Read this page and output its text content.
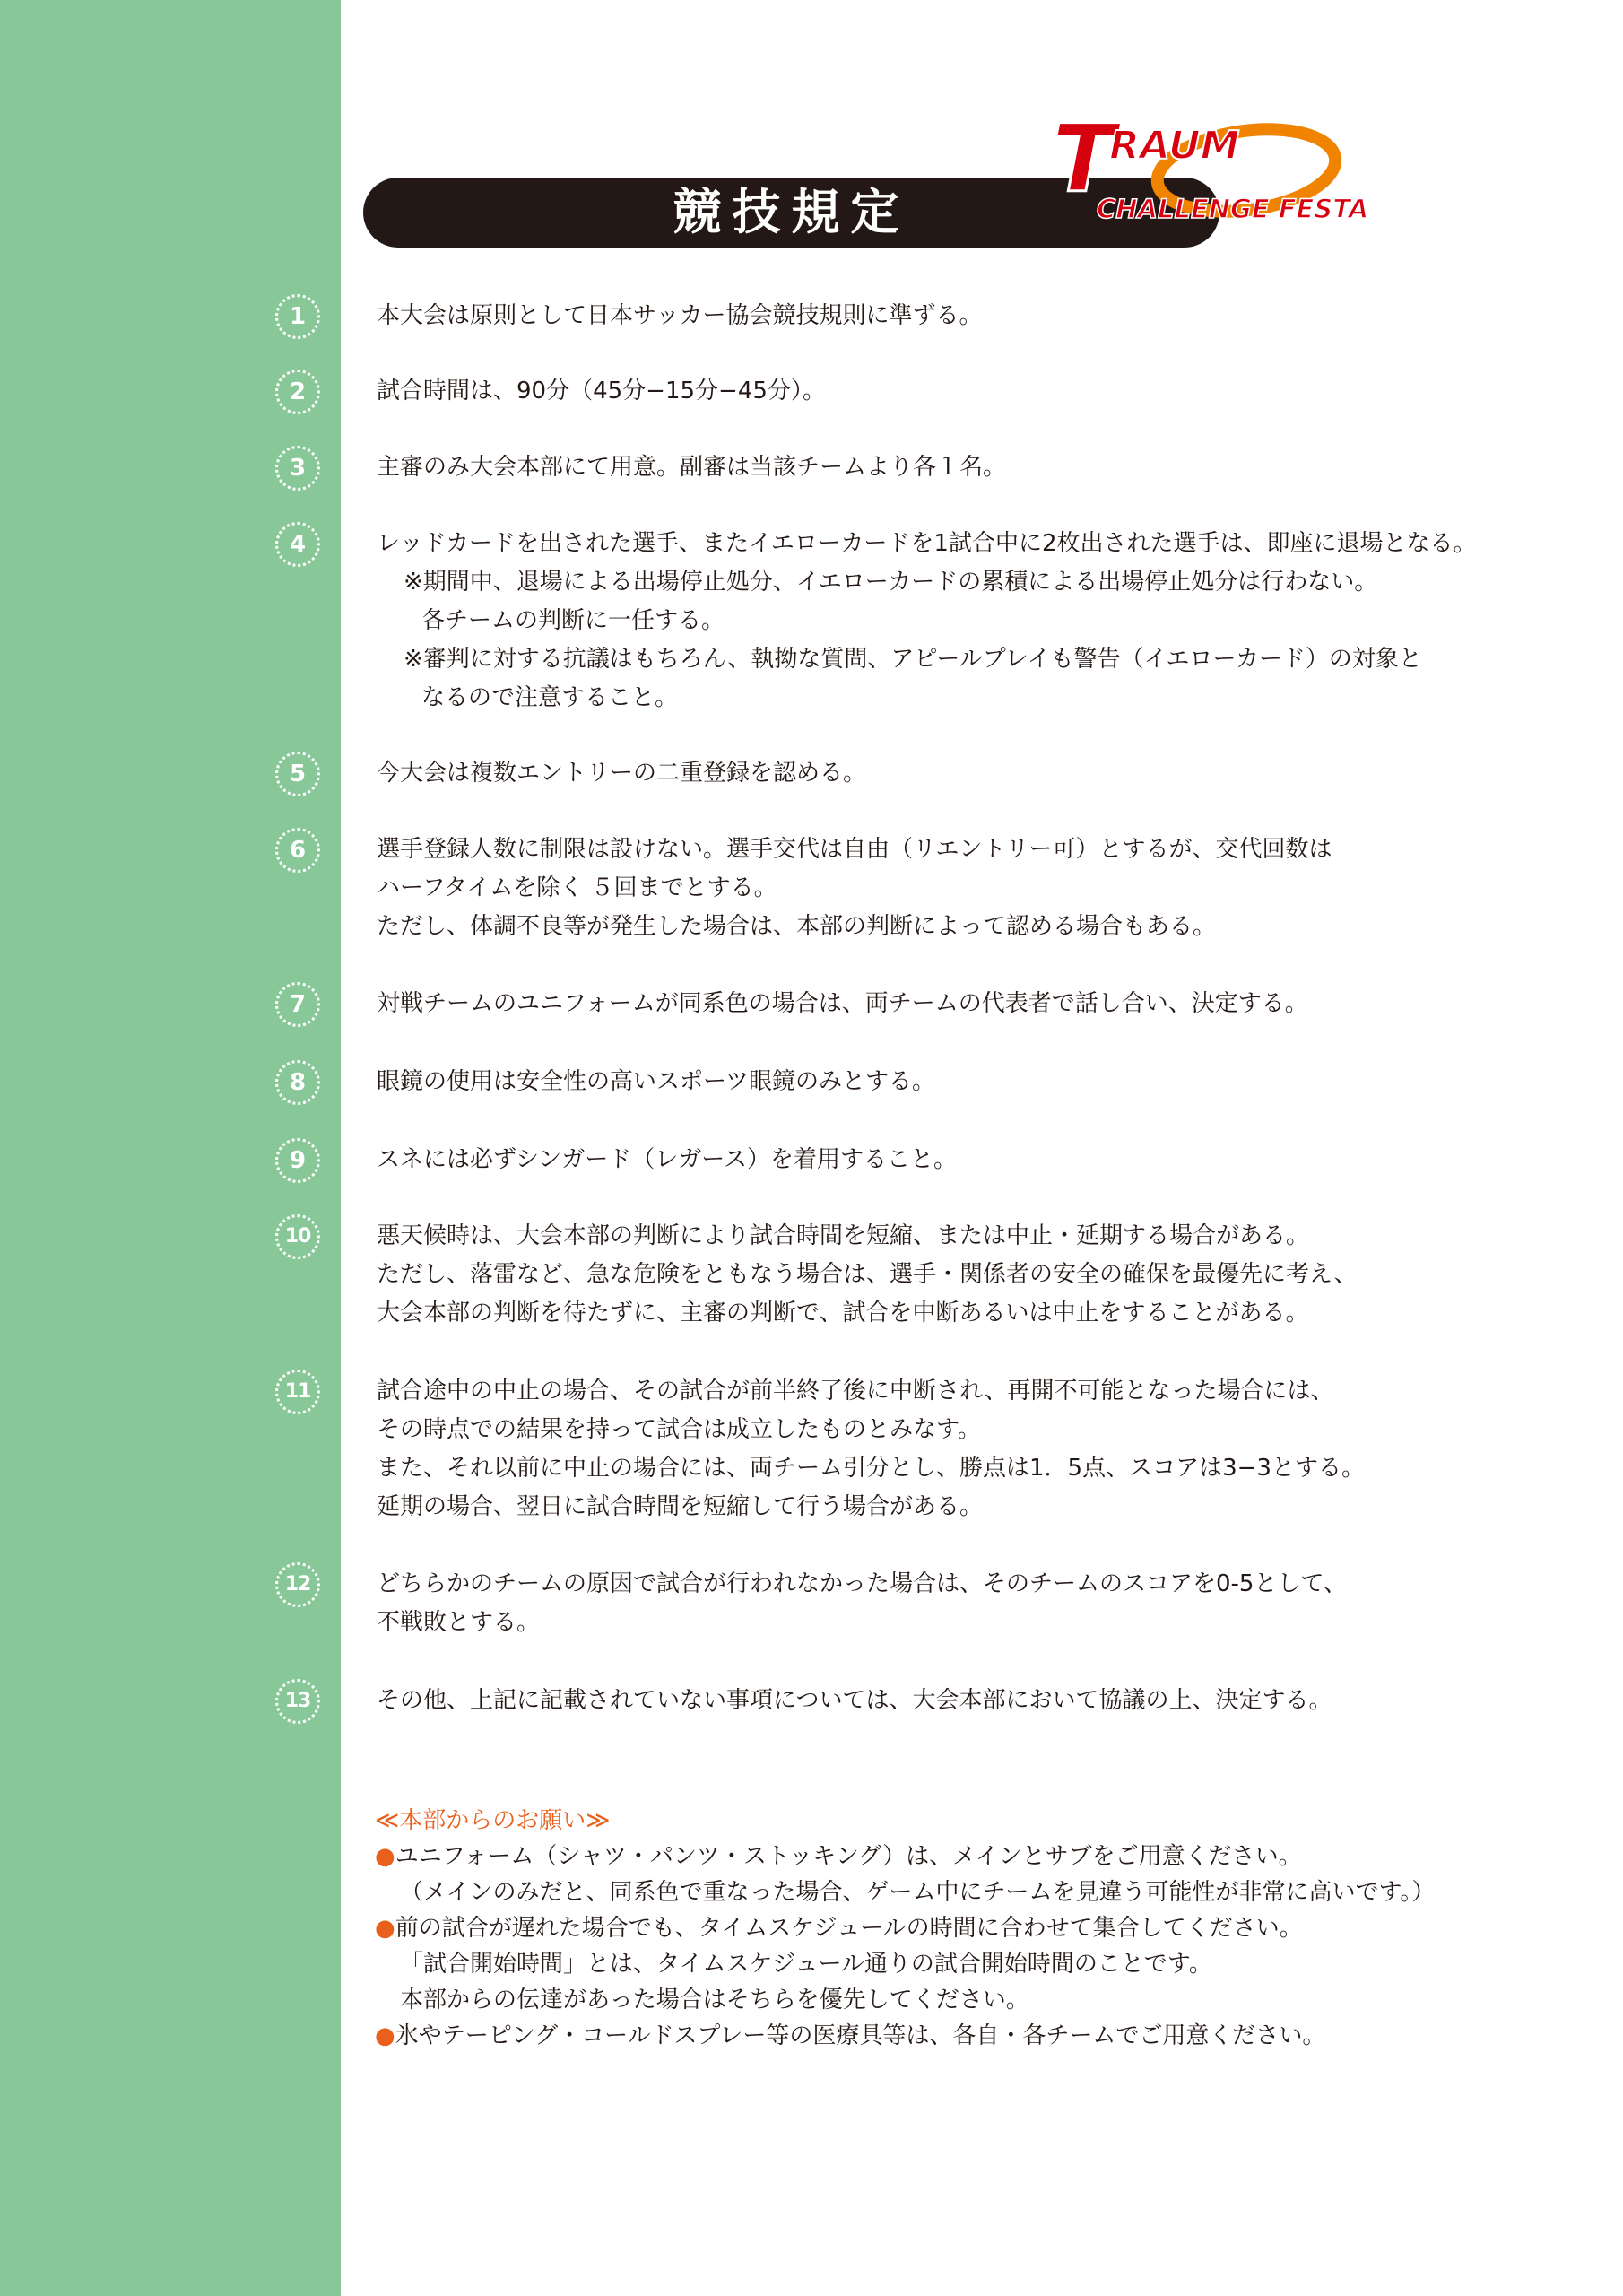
競技規定	T
RAUM
CHALLENGE FESTA
1	本大会は原則として日本サッカー協会競技規則に準ずる。
2	試合時間は、90分（45分−15分−45分）。
3	主審のみ大会本部にて用意。副審は当該チームより各１名。
4	レッドカードを出された選手、またイエローカードを1試合中に2枚出された選手は、即座に退場となる。
※期間中、退場による出場停止処分、イエローカードの累積による出場停止処分は行わない。
各チームの判断に一任する。
※審判に対する抗議はもちろん、執拗な質問、アピールプレイも警告（イエローカード）の対象と
なるので注意すること。
5	今大会は複数エントリーの二重登録を認める。
6	選手登録人数に制限は設けない。選手交代は自由（リエントリー可）とするが、交代回数は
ハーフタイムを除く ５回までとする。
ただし、体調不良等が発生した場合は、本部の判断によって認める場合もある。
7	対戦チームのユニフォームが同系色の場合は、両チームの代表者で話し合い、決定する。
8	眼鏡の使用は安全性の高いスポーツ眼鏡のみとする。
9	スネには必ずシンガード（レガース）を着用すること。
10	悪天候時は、大会本部の判断により試合時間を短縮、または中止・延期する場合がある。
ただし、落雷など、急な危険をともなう場合は、選手・関係者の安全の確保を最優先に考え、
大会本部の判断を待たずに、主審の判断で、試合を中断あるいは中止をすることがある。
11	試合途中の中止の場合、その試合が前半終了後に中断され、再開不可能となった場合には、
その時点での結果を持って試合は成立したものとみなす。
また、それ以前に中止の場合には、両チーム引分とし、勝点は1．5点、スコアは3−3とする。
延期の場合、翌日に試合時間を短縮して行う場合がある。
12	どちらかのチームの原因で試合が行われなかった場合は、そのチームのスコアを0-5として、
不戦敗とする。
13	その他、上記に記載されていない事項については、大会本部において協議の上、決定する。
≪本部からのお願い≫
●ユニフォーム（シャツ・パンツ・ストッキング）は、メインとサブをご用意ください。
（メインのみだと、同系色で重なった場合、ゲーム中にチームを見違う可能性が非常に高いです。）
●前の試合が遅れた場合でも、タイムスケジュールの時間に合わせて集合してください。
「試合開始時間」とは、タイムスケジュール通りの試合開始時間のことです。
本部からの伝達があった場合はそちらを優先してください。
●氷やテーピング・コールドスプレー等の医療具等は、各自・各チームでご用意ください。
